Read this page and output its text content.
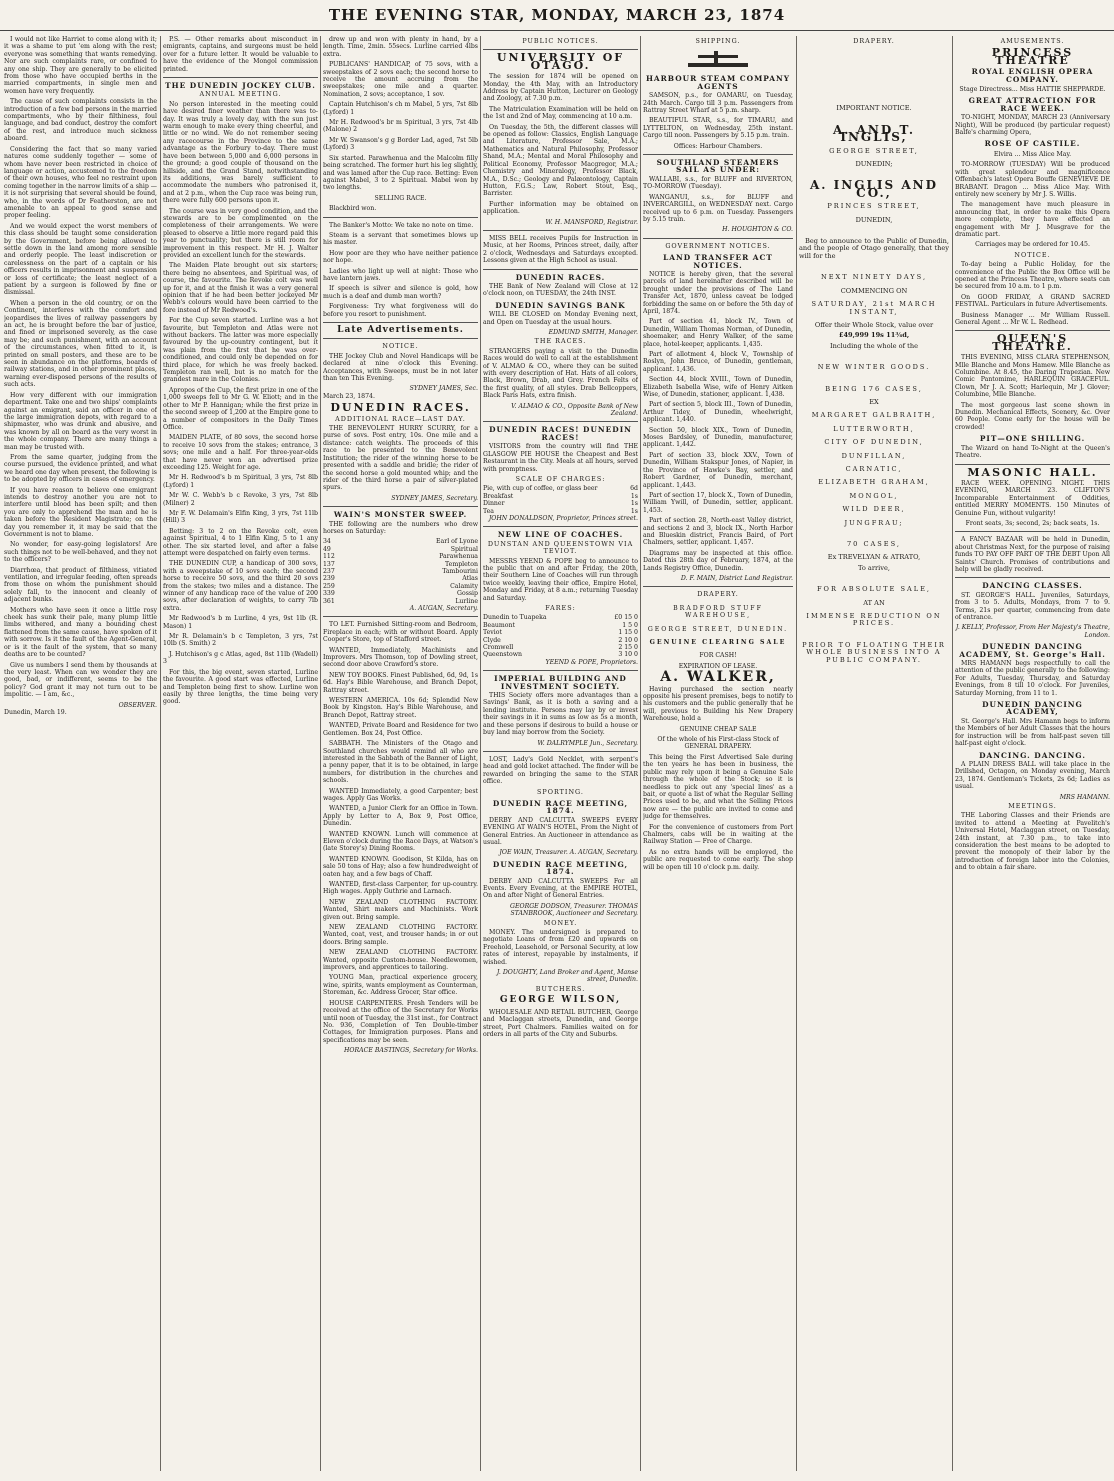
THE EVENING STAR, MONDAY, MARCH 23, 1874

I would not like Harriet to come along with it; it was a shame to put 'em along with the rest; everyone was something that wants remedying. Nor are such complaints rare, or confined to any one ship. They are generally to be elicited from those who have occupied berths in the married compartments, in single men and women have very frequently.

The cause of such complaints consists in the introduction of a few bad persons in the married compartments, who by their filthiness, foul language, and bad conduct, destroy the comfort of the rest, and introduce much sickness aboard.

Considering the fact that so many varied natures come suddenly together — some of whom have never been restricted in choice of language or action, accustomed to the freedom of their own houses, who feel no restraint upon coming together in the narrow limits of a ship — it is not surprising that several should be found, who, in the words of Dr Featherston, are not amenable to an appeal to good sense and proper feeling.

And we would expect the worst members of this class should be taught some consideration by the Government, before being allowed to settle down in the land among more sensible and orderly people. The least indiscretion or carelessness on the part of a captain or his officers results in imprisonment and suspension or loss of certificate; the least neglect of a patient by a surgeon is followed by fine or dismissal.

When a person in the old country, or on the Continent, interferes with the comfort and jeopardises the lives of railway passengers by an act, he is brought before the bar of justice, and fined or imprisoned severely, as the case may be; and such punishment, with an account of the circumstances, when fitted to it, is printed on small posters, and these are to be seen in abundance on the platforms, boards of railway stations, and in other prominent places, warning ever-disposed persons of the results of such acts.

How very different with our immigration department. Take one and two ships' complaints against an emigrant, said an officer in one of the large immigration depots, with regard to a shipmaster, who was drunk and abusive, and was known by all on board as the very worst in the whole company. There are many things a man may be trusted with.

From the same quarter, judging from the course pursued, the evidence printed, and what we heard one day when present, the following is to be adopted by officers in cases of emergency.

If you have reason to believe one emigrant intends to destroy another you are not to interfere until blood has been spilt; and then you are only to apprehend the man and he is taken before the Resident Magistrate; on the day you remember it, it may be said that the Government is not to blame.

No wonder, for easy-going legislators! Are such things not to be well-behaved, and they not to the officers?

Diarrhœa, that product of filthiness, vitiated ventilation, and irregular feeding, often spreads from those on whom the punishment should solely fall, to the innocent and cleanly of adjacent bunks.

Mothers who have seen it once a little rosy cheek has sunk their pale, many plump little limbs withered, and many a bounding chest flattened from the same cause, have spoken of it with sorrow. Is it the fault of the Agent-General, or is it the fault of the system, that so many deaths are to be counted?

Give us numbers I send them by thousands at the very least. When can we wonder they are good, bad, or indifferent, seems to be the policy? God grant it may not turn out to be impolitic. — I am, &c.,

OBSERVER.
Dunedin, March 19.

P.S. — Other remarks about misconduct in emigrants, captains, and surgeons must be held over for a future letter. It would be valuable to have the evidence of the Mongol commission printed.

THE DUNEDIN JOCKEY CLUB.
ANNUAL MEETING.

No person interested in the meeting could have desired finer weather than there was to-day. It was truly a lovely day, with the sun just warm enough to make every thing cheerful, and little or no wind. We do not remember seeing any racecourse in the Province to the same advantage as the Forbury to-day. There must have been between 5,000 and 6,000 persons in the ground; a good couple of thousand on the hillside, and the Grand Stand, notwithstanding its additions, was barely sufficient to accommodate the numbers who patronised it, and at 2 p.m., when the Cup race was being run, there were fully 600 persons upon it.

The course was in very good condition, and the stewards are to be complimented on the completeness of their arrangements. We were pleased to observe a little more regard paid this year to punctuality; but there is still room for improvement in this respect. Mr H. J. Walter provided an excellent lunch for the stewards.

The Maiden Plate brought out six starters; there being no absentees, and Spiritual was, of course, the favourite. The Revoke colt was well up for it, and at the finish it was a very general opinion that if he had been better jockeyed Mr Webb's colours would have been carried to the fore instead of Mr Redwood's.

For the Cup seven started. Lurline was a hot favourite, but Templeton and Atlas were not without backers. The latter was more especially favoured by the up-country contingent, but it was plain from the first that he was over-conditioned, and could only be depended on for third place, for which he was freely backed. Templeton ran well, but is no match for the grandest mare in the Colonies.

Apropos of the Cup, the first prize in one of the 1,000 sweeps fell to Mr G. W. Eliott; and in the other to Mr P. Hannigan; while the first prize in the second sweep of 1,200 at the Empire gone to a number of compositors in the Daily Times Office.

MAIDEN PLATE, of 80 sovs, the second horse to receive 10 sovs from the stakes; entrance, 3 sovs; one mile and a half. For three-year-olds that have never won an advertised prize exceeding 125. Weight for age.

Mr H. Redwood's b m Spiritual, 3 yrs, 7st 8lb (Lyford) 1

Mr W. C. Webb's b c Revoke, 3 yrs, 7st 8lb (Milner) 2

Mr F. W. Delamain's Elfin King, 3 yrs, 7st 11lb (Hill) 3

Betting: 3 to 2 on the Revoke colt, even against Spiritual, 4 to 1 Elfin King, 5 to 1 any other. The six started level, and after a false attempt were despatched on fairly even terms.

THE DUNEDIN CUP, a handicap of 300 sovs, with a sweepstake of 10 sovs each; the second horse to receive 50 sovs, and the third 20 sovs from the stakes; two miles and a distance. The winner of any handicap race of the value of 200 sovs, after declaration of weights, to carry 7lb extra.

Mr Redwood's b m Lurline, 4 yrs, 9st 1lb (R. Mason) 1

Mr R. Delamain's b c Templeton, 3 yrs, 7st 10lb (S. Smith) 2

J. Hutchison's g c Atlas, aged, 8st 11lb (Wadell) 3

For this, the big event, seven started, Lurline the favourite. A good start was effected, Lurline and Templeton being first to show. Lurline won easily by three lengths, the time being very good.

drew up and won with plenty in hand, by a length. Time, 2min. 55secs. Lurline carried 4lbs extra.

PUBLICANS' HANDICAP, of 75 sovs, with a sweepstakes of 2 sovs each; the second horse to receive the amount accruing from the sweepstakes; one mile and a quarter. Nomination, 2 sovs; acceptance, 1 sov.

Captain Hutchison's ch m Mabel, 5 yrs, 7st 8lb (Lyford) 1

Mr H. Redwood's br m Spiritual, 3 yrs, 7st 4lb (Malone) 2

Mr W. Swanson's g g Border Lad, aged, 7st 5lb (Lyford) 3

Six started. Parawhenua and the Malcolm filly being scratched. The former hurt his leg slightly, and was lamed after the Cup race. Betting: Even against Mabel, 3 to 2 Spiritual. Mabel won by two lengths.

SELLING RACE.

Blackbird won.

The Banker's Motto: We take no note on time.

Steam is a servant that sometimes blows up his master.

How poor are they who have neither patience nor hope.

Ladies who light up well at night: Those who have lantern jaws.

If speech is silver and silence is gold, how much is a deaf and dumb man worth?

Forgiveness: Try what forgiveness will do before you resort to punishment.

Late Advertisements.
NOTICE.

THE Jockey Club and Novel Handicaps will be declared at nine o'clock this Evening. Acceptances, with Sweeps, must be in not later than ten This Evening.

SYDNEY JAMES, Sec.
March 23, 1874.
DUNEDIN RACES.
ADDITIONAL RACE—LAST DAY.

THE BENEVOLENT HURRY SCURRY, for a purse of sovs. Post entry, 10s. One mile and a distance: catch weights. The proceeds of this race to be presented to the Benevolent Institution; the rider of the winning horse to be presented with a saddle and bridle; the rider of the second horse a gold mounted whip; and the rider of the third horse a pair of silver-plated spurs.

SYDNEY JAMES, Secretary.
WAIN'S MONSTER SWEEP.

THE following are the numbers who drew horses on Saturday:

34	Earl of Lyone
49	Spiritual
112	Parawhenua
137	Templeton
237	Tambourini
239	Atlas
259	Calamity
339	Gossip
361	Lurline
A. AUGAN, Secretary.

TO LET. Furnished Sitting-room and Bedroom, Fireplace in each; with or without Board. Apply Cooper's Store, top of Stafford street.

WANTED, Immediately, Machinists and Improvers. Mrs Thomson, top of Dowling street, second door above Crawford's store.

NEW TOY BOOKS. Finest Published, 6d, 9d, 1s 6d. Hay's Bible Warehouse, and Branch Depot, Rattray street.

WESTERN AMERICA. 10s 6d; Splendid New Book by Kingston. Hay's Bible Warehouse, and Branch Depot, Rattray street.

WANTED, Private Board and Residence for two Gentlemen. Box 24, Post Office.

SABBATH. The Ministers of the Otago and Southland churches would remind all who are interested in the Sabbath of the Banner of Light, a penny paper, that it is to be obtained, in large numbers, for distribution in the churches and schools.

WANTED Immediately, a good Carpenter; best wages. Apply Gas Works.

WANTED, a Junior Clerk for an Office in Town. Apply by Letter to A, Box 9, Post Office, Dunedin.

WANTED KNOWN. Lunch will commence at Eleven o'clock during the Race Days, at Watson's (late Storey's) Dining Rooms.

WANTED KNOWN. Goodison, St Kilda, has on sale 50 tons of Hay; also a few hundredweight of oaten hay, and a few bags of Chaff.

WANTED, first-class Carpenter, for up-country. High wages. Apply Guthrie and Larnach.

NEW ZEALAND CLOTHING FACTORY. Wanted, Shirt makers and Machinists. Work given out. Bring sample.

NEW ZEALAND CLOTHING FACTORY. Wanted, coat, vest, and trouser hands; in or out doors. Bring sample.

NEW ZEALAND CLOTHING FACTORY. Wanted, opposite Custom-house. Needlewomen, improvers, and apprentices to tailoring.

YOUNG Man, practical experience grocery, wine, spirits, wants employment as Counterman, Storeman, &c. Address Grocer, Star office.

HOUSE CARPENTERS. Fresh Tenders will be received at the office of the Secretary for Works until noon of Tuesday, the 31st inst., for Contract No. 936, Completion of Ten Double-timber Cottages, for Immigration purposes. Plans and specifications may be seen.

HORACE BASTINGS, Secretary for Works.
PUBLIC NOTICES.
UNIVERSITY OF OTAGO.

The session for 1874 will be opened on Monday, the 4th May, with an Introductory Address by Captain Hutton, Lecturer on Geology and Zoology, at 7.30 p.m.

The Matriculation Examination will be held on the 1st and 2nd of May, commencing at 10 a.m.

On Tuesday, the 5th, the different classes will be opened as follow: Classics, English Language and Literature, Professor Sale, M.A.; Mathematics and Natural Philosophy, Professor Shand, M.A.; Mental and Moral Philosophy and Political Economy, Professor Macgregor, M.A.; Chemistry and Mineralogy, Professor Black, M.A., D.Sc.; Geology and Palæontology, Captain Hutton, F.G.S.; Law, Robert Stout, Esq., Barrister.

Further information may be obtained on application.

W. H. MANSFORD, Registrar.

MISS BELL receives Pupils for Instruction in Music, at her Rooms, Princes street, daily, after 2 o'clock, Wednesdays and Saturdays excepted. Lessons given at the High School as usual.

DUNEDIN RACES.

THE Bank of New Zealand will Close at 12 o'clock noon, on TUESDAY, the 24th INST.

DUNEDIN SAVINGS BANK

WILL BE CLOSED on Monday Evening next, and Open on Tuesday at the usual hours.

EDMUND SMITH, Manager.
THE RACES.

STRANGERS paying a visit to the Dunedin Races would do well to call at the establishment of V. ALMAO & CO., where they can be suited with every description of Hat. Hats of all colors, Black, Brown, Drab, and Grey. French Felts of the first quality, of all styles. Drab Bellcoppers, Black Paris Hats, extra finish.

V. ALMAO & CO., Opposite Bank of New Zealand.
DUNEDIN RACES! DUNEDIN RACES!

VISITORS from the country will find THE GLASGOW PIE HOUSE the Cheapest and Best Restaurant in the City. Meals at all hours, served with promptness.

SCALE OF CHARGES:
Pie, with cup of coffee, or glass beer	6d
Breakfast	1s
Dinner	1s
Tea	1s
JOHN DONALDSON, Proprietor, Princes street.
NEW LINE OF COACHES.
DUNSTAN AND QUEENSTOWN VIA TEVIOT.

MESSRS YEEND & POPE beg to announce to the public that on and after Friday, the 20th, their Southern Line of Coaches will run through twice weekly, leaving their office, Empire Hotel, Monday and Friday, at 8 a.m.; returning Tuesday and Saturday.

FARES:
Dunedin to Tuapeka	£0 15 0
Beaumont	1 5 0
Teviot	1 15 0
Clyde	2 10 0
Cromwell	2 15 0
Queenstown	3 10 0
YEEND & POPE, Proprietors.
IMPERIAL BUILDING AND INVESTMENT SOCIETY.

THIS Society offers more advantages than a Savings' Bank, as it is both a saving and a lending institute. Persons may lay by or invest their savings in it in sums as low as 5s a month, and these persons if desirous to build a house or buy land may borrow from the Society.

W. DALRYMPLE Jun., Secretary.

LOST, Lady's Gold Necklet, with serpent's head and gold locket attached. The finder will be rewarded on bringing the same to the STAR office.

SPORTING.
DUNEDIN RACE MEETING, 1874.

DERBY AND CALCUTTA SWEEPS EVERY EVENING AT WAIN'S HOTEL, From the Night of General Entries. An Auctioneer in attendance as usual.

JOE WAIN, Treasurer. A. AUGAN, Secretary.
DUNEDIN RACE MEETING, 1874.

DERBY AND CALCUTTA SWEEPS For all Events. Every Evening, at the EMPIRE HOTEL, On and after Night of General Entries.

GEORGE DODSON, Treasurer. THOMAS STANBROOK, Auctioneer and Secretary.
MONEY.

MONEY. The undersigned is prepared to negotiate Loans of from £20 and upwards on Freehold, Leasehold, or Personal Security, at low rates of interest, repayable by instalments, if wished.

J. DOUGHTY, Land Broker and Agent, Manse street, Dunedin.
BUTCHERS.
GEORGE WILSON,

WHOLESALE AND RETAIL BUTCHER, George and Maclaggan streets, Dunedin, and George street, Port Chalmers. Families waited on for orders in all parts of the City and Suburbs.

SHIPPING.
HARBOUR STEAM COMPANY AGENTS

SAMSON, p.s., for OAMARU, on Tuesday, 24th March. Cargo till 3 p.m. Passengers from Rattray Street Wharf at 5 p.m. sharp.

BEAUTIFUL STAR, s.s., for TIMARU, and LYTTELTON, on Wednesday, 25th instant. Cargo till noon. Passengers by 5.15 p.m. train.

Offices: Harbour Chambers.
SOUTHLAND STEAMERS SAIL AS UNDER:

WALLABI, s.s., for BLUFF and RIVERTON, TO-MORROW (Tuesday).

WANGANUI, s.s., for BLUFF and INVERCARGILL, on WEDNESDAY next. Cargo received up to 6 p.m. on Tuesday. Passengers by 5.15 train.

H. HOUGHTON & CO.
GOVERNMENT NOTICES.
LAND TRANSFER ACT NOTICES.

NOTICE is hereby given, that the several parcels of land hereinafter described will be brought under the provisions of The Land Transfer Act, 1870, unless caveat be lodged forbidding the same on or before the 5th day of April, 1874.

Part of section 41, block IV., Town of Dunedin, William Thomas Norman, of Dunedin, shoemaker, and Henry Walker, of the same place, hotel-keeper, applicants. 1,435.

Part of allotment 4, block V., Township of Roslyn, John Bruce, of Dunedin, gentleman, applicant. 1,436.

Section 44, block XVIII., Town of Dunedin, Elizabeth Isabella Wise, wife of Henry Aitken Wise, of Dunedin, stationer, applicant. 1,438.

Part of section 5, block III., Town of Dunedin, Arthur Tidey, of Dunedin, wheelwright, applicant. 1,440.

Section 50, block XIX., Town of Dunedin, Moses Bardsley, of Dunedin, manufacturer, applicant. 1,442.

Part of section 33, block XXV., Town of Dunedin, William Stakspur Jones, of Napier, in the Province of Hawke's Bay, settler, and Robert Gardner, of Dunedin, merchant, applicant. 1,443.

Part of section 17, block X., Town of Dunedin, William Ywill, of Dunedin, settler, applicant. 1,453.

Part of section 28, North-east Valley district, and sections 2 and 3, block IX., North Harbor and Blueskin district, Francis Baird, of Port Chalmers, settler, applicant. 1,457.

Diagrams may be inspected at this office. Dated this 28th day of February, 1874, at the Lands Registry Office, Dunedin.

D. F. MAIN, District Land Registrar.
DRAPERY.
BRADFORD STUFF WAREHOUSE,
GEORGE STREET, DUNEDIN.
GENUINE CLEARING SALE
FOR CASH!
EXPIRATION OF LEASE.
A. WALKER,

Having purchased the section nearly opposite his present premises, begs to notify to his customers and the public generally that he will, previous to Building his New Drapery Warehouse, hold a

GENUINE CHEAP SALE
Of the whole of his First-class Stock of GENERAL DRAPERY.

This being the First Advertised Sale during the ten years he has been in business, the public may rely upon it being a Genuine Sale through the whole of the Stock; so it is needless to pick out any 'special lines' as a bait, or quote a list of what the Regular Selling Prices used to be, and what the Selling Prices now are — the public are invited to come and judge for themselves.

For the convenience of customers from Port Chalmers, cabs will be in waiting at the Railway Station — Free of Charge.

As no extra hands will be employed, the public are requested to come early. The shop will be open till 10 o'clock p.m. daily.

DRAPERY.
IMPORTANT NOTICE.
A. AND T. INGLIS,
GEORGE STREET,
DUNEDIN;
A. INGLIS AND CO.,
PRINCES STREET,
DUNEDIN,

Beg to announce to the Public of Dunedin, and the people of Otago generally, that they will for the

NEXT NINETY DAYS,
COMMENCING ON
SATURDAY, 21st MARCH INSTANT,
Offer their Whole Stock, value over
£49,999 19s 11¾d,
Including the whole of the
NEW WINTER GOODS.
BEING 176 CASES,
EX
MARGARET GALBRAITH,
LUTTERWORTH,
CITY OF DUNEDIN,
DUNFILLAN,
CARNATIC,
ELIZABETH GRAHAM,
MONGOL,
WILD DEER,
JUNGFRAU;
70 CASES,
Ex TREVELYAN & ATRATO,
To arrive,
FOR ABSOLUTE SALE,
AT AN
IMMENSE REDUCTION ON PRICES.
PRIOR TO FLOATING THEIR WHOLE BUSINESS INTO A PUBLIC COMPANY.
AMUSEMENTS.
PRINCESS THEATRE
ROYAL ENGLISH OPERA COMPANY.
Stage Directress... Miss HATTIE SHEPPARDE.
GREAT ATTRACTION FOR RACE WEEK.

TO-NIGHT, MONDAY, MARCH 23 (Anniversary Night), Will be produced (by particular request) Balfe's charming Opera,

ROSE OF CASTILE.
Elvira ... Miss Alice May.

TO-MORROW (TUESDAY) Will be produced with great splendour and magnificence Offenbach's latest Opera Bouffe GENEVIEVE DE BRABANT. Dragon ... Miss Alice May. With entirely new scenery by Mr J. S. Willis.

The management have much pleasure in announcing that, in order to make this Opera more complete, they have effected an engagement with Mr J. Musgrave for the dramatic part.

Carriages may be ordered for 10.45.
NOTICE.

To-day being a Public Holiday, for the convenience of the Public the Box Office will be opened at the Princess Theatre, where seats can be secured from 10 a.m. to 1 p.m.

On GOOD FRIDAY, A GRAND SACRED FESTIVAL. Particulars in future Advertisements.

Business Manager ... Mr William Russell. General Agent ... Mr W. L. Redhead.

QUEEN'S THEATRE.

THIS EVENING, MISS CLARA STEPHENSON, Mlle Blanche and Mons Hamew. Mlle Blanche as Columbine. At 8.45, the Daring Trapezian. New Comic Pantomime, HARLEQUIN GRACEFUL. Clown, Mr J. A. Scott; Harlequin, Mr J. Glover; Columbine, Mlle Blanche.

The most gorgeous last scene shown in Dunedin. Mechanical Effects, Scenery, &c. Over 60 People. Come early for the house will be crowded!

PIT—ONE SHILLING.

The Wizard on hand To-Night at the Queen's Theatre.

MASONIC HALL.

RACE WEEK. OPENING NIGHT. THIS EVENING, MARCH 23. CLIFTON'S Incomparable Entertainment of Oddities, entitled MERRY MOMENTS. 150 Minutes of Genuine Fun, without vulgarity!

Front seats, 3s; second, 2s; back seats, 1s.

A FANCY BAZAAR will be held in Dunedin, about Christmas Next, for the purpose of raising funds TO PAY OFF PART OF THE DEBT Upon All Saints' Church. Promises of contributions and help will be gladly received.

DANCING CLASSES.

ST. GEORGE'S HALL. Juveniles, Saturdays, from 3 to 5. Adults, Mondays, from 7 to 9. Terms, 21s per quarter, commencing from date of entrance.

J. KELLY, Professor, From Her Majesty's Theatre, London.
DUNEDIN DANCING ACADEMY, St. George's Hall.

MRS HAMANN begs respectfully to call the attention of the public generally to the following: For Adults, Tuesday, Thursday, and Saturday Evenings, from 8 till 10 o'clock. For Juveniles, Saturday Morning, from 11 to 1.

DUNEDIN DANCING ACADEMY,

St. George's Hall. Mrs Hamann begs to inform the Members of her Adult Classes that the hours for instruction will be from half-past seven till half-past eight o'clock.

DANCING. DANCING.

A PLAIN DRESS BALL will take place in the Drillshed, Octagon, on Monday evening, March 23, 1874. Gentleman's Tickets, 2s 6d; Ladies as usual.

MRS HAMANN.
MEETINGS.

THE Laboring Classes and their Friends are invited to attend a Meeting at Pavelitch's Universal Hotel, Maclaggan street, on Tuesday, 24th instant, at 7.30 p.m., to take into consideration the best means to be adopted to prevent the monopoly of their labor by the introduction of foreign labor into the Colonies, and to obtain a fair share.
